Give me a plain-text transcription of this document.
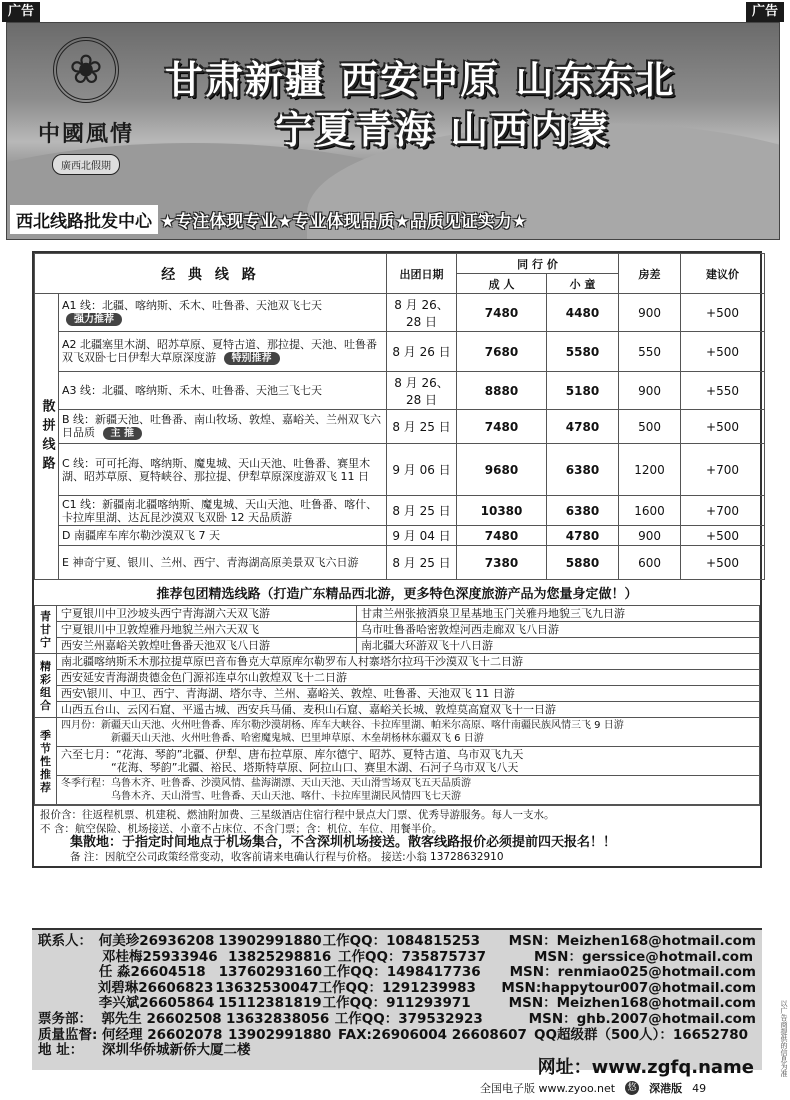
广告	广告
❀
中國風情
廣西北假期
甘肃新疆 西安中原 山东东北
宁夏青海 山西内蒙
西北线路批发中心 ★专注体现专业★专业体现品质★品质见证实力★
经 典 线 路		出团日期	同 行 价		房差	建议价
			成 人	小 童		
散拼线路	A1 线：北疆、喀纳斯、禾木、吐鲁番、天池双飞七天 强力推荐	8 月 26、28 日	7480	4480	900	+500
	A2 北疆塞里木湖、昭苏草原、夏特古道、那拉提、天池、吐鲁番双飞双卧七日伊犁大草原深度游 特别推荐	8 月 26 日	7680	5580	550	+500
	A3 线：北疆、喀纳斯、禾木、吐鲁番、天池三飞七天	8 月 26、28 日	8880	5180	900	+550
	B 线：新疆天池、吐鲁番、南山牧场、敦煌、嘉峪关、兰州双飞六日品质 主 推	8 月 25 日	7480	4780	500	+500
	C 线：可可托海、喀纳斯、魔鬼城、天山天池、吐鲁番、赛里木湖、昭苏草原、夏特峡谷、那拉提、伊犁草原深度游双飞 11 日	9 月 06 日	9680	6380	1200	+700
	C1 线：新疆南北疆喀纳斯、魔鬼城、天山天池、吐鲁番、喀什、卡拉库里湖、达瓦昆沙漠双飞双卧 12 天品质游	8 月 25 日	10380	6380	1600	+700
	D 南疆库车库尔勒沙漠双飞 7 天	9 月 04 日	7480	4780	900	+500
	E 神奇宁夏、银川、兰州、西宁、青海湖高原美景双飞六日游	8 月 25 日	7380	5880	600	+500
推荐包团精选线路（打造广东精品西北游，更多特色深度旅游产品为您量身定做！）
青甘宁	宁夏银川中卫沙坡头西宁青海湖六天双飞游	甘肃兰州张掖酒泉卫星基地玉门关雅丹地貌三飞九日游
	宁夏银川中卫敦煌雅丹地貌兰州六天双飞	乌市吐鲁番哈密敦煌河西走廊双飞八日游
	西安兰州嘉峪关敦煌吐鲁番天池双飞八日游	南北疆大环游双飞十八日游
精彩组合	南北疆喀纳斯禾木那拉提草原巴音布鲁克大草原库尔勒罗布人村寨塔尔拉玛干沙漠双飞十二日游	
	西安延安青海湖贵德金色门源祁连卓尔山敦煌双飞十二日游	
	西安\银川、中卫、西宁、青海湖、塔尔寺、兰州、嘉峪关、敦煌、吐鲁番、天池双飞 11 日游	
	山西五台山、云冈石窟、平遥古城、西安兵马俑、麦积山石窟、嘉峪关长城、敦煌莫高窟双飞十一日游	
季节性推荐	四月份：新疆天山天池、火州吐鲁番、库尔勒沙漠胡杨、库车大峡谷、卡拉库里湖、帕米尔高原、喀什南疆民族风情三飞 9 日游
新疆天山天池、火州吐鲁番、哈密魔鬼城、巴里坤草原、木垒胡杨林东疆双飞 6 日游	

	六至七月：“花海、琴韵”北疆、伊犁、唐布拉草原、库尔德宁、昭苏、夏特古道、乌市双飞九天
“花海、琴韵”北疆、裕民、塔斯特草原、阿拉山口、赛里木湖、石河子乌市双飞八天	

	冬季行程：乌鲁木齐、吐鲁番、沙漠风情、盐海湖漂、天山天池、天山滑雪场双飞五天品质游
乌鲁木齐、天山滑雪、吐鲁番、天山天池、喀什、卡拉库里湖民风情四飞七天游	
报价含：往返程机票、机建税、燃油附加费、三星级酒店住宿行程中景点大门票、优秀导游服务。每人一支水。
不 含：航空保险、机场接送、小童不占床位、不含门票；含：机位、车位、用餐半价。
集散地：于指定时间地点于机场集合，不含深圳机场接送。散客线路报价必须提前四天报名！！
备 注：因航空公司政策经常变动，收客前请来电确认行程与价格。 接送:小翁 13728632910
联系人： 何美珍26936208 13902991880 工作QQ：1084815253	MSN：Meizhen168@hotmail.com
邓桂梅25933946 13825298816 工作QQ：735875737	MSN：gerssice@hotmail.com
任 淼26604518 13760293160 工作QQ：1498417736	MSN：renmiao025@hotmail.com
刘碧琳26606823 13632530047 工作QQ：1291239983	MSN:happytour007@hotmail.com
李兴斌26605864 15112381819 工作QQ：911293971	MSN：Meizhen168@hotmail.com
票务部： 郭先生 26602508 13632838056 工作QQ：379532923	MSN：ghb.2007@hotmail.com
质量监督: 何经理 26602078 13902991880 FAX:26906004 26608607 QQ超级群（500人）：16652780
地 址：	深圳华侨城新侨大厦二楼
网址：www.zgfq.name
全国电子版 www.zyoo.net 悠 深港版 49
以广告商提供的信息为准
